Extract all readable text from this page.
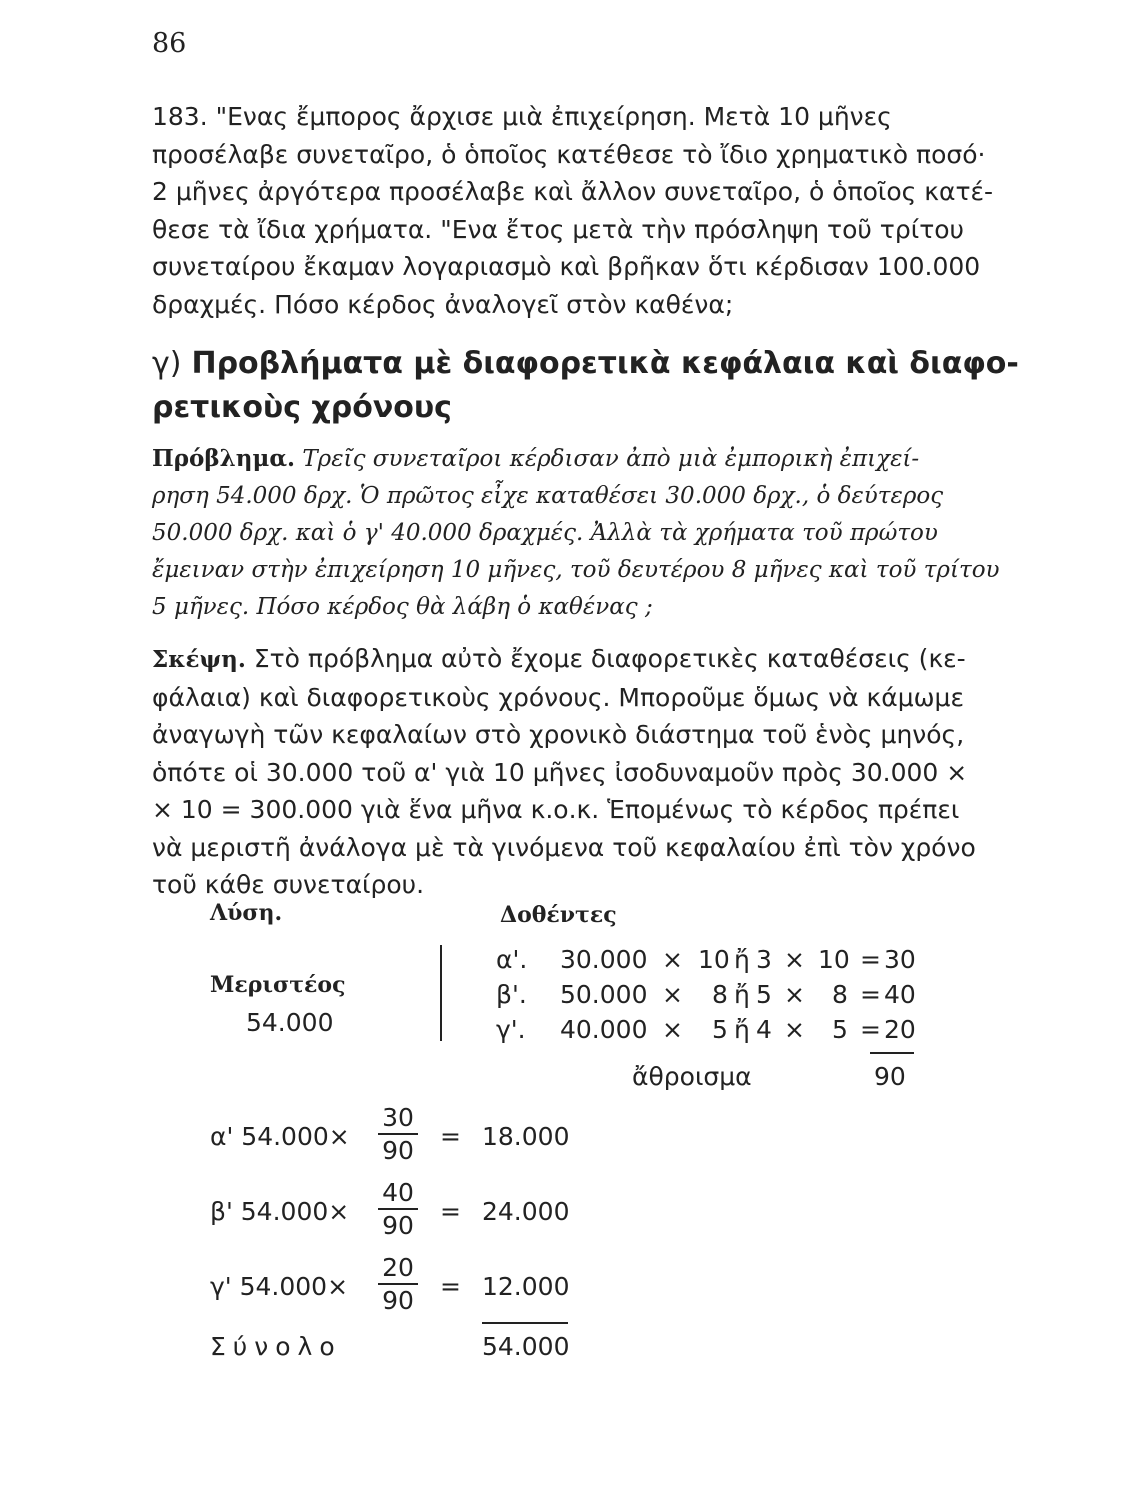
86
183. "Ενας ἔμπορος ἄρχισε μιὰ ἐπιχείρηση. Μετὰ 10 μῆνες
προσέλαβε συνεταῖρο, ὁ ὁποῖος κατέθεσε τὸ ἴδιο χρηματικὸ ποσό·
2 μῆνες ἀργότερα προσέλαβε καὶ ἄλλον συνεταῖρο, ὁ ὁποῖος κατέ-
θεσε τὰ ἴδια χρήματα. "Ενα ἔτος μετὰ τὴν πρόσληψη τοῦ τρίτου
συνεταίρου ἔκαμαν λογαριασμὸ καὶ βρῆκαν ὅτι κέρδισαν 100.000
δραχμές. Πόσο κέρδος ἀναλογεῖ στὸν καθένα;
γ) Προβλήματα μὲ διαφορετικὰ κεφάλαια καὶ διαφο-
ρετικοὺς χρόνους
Πρόβλημα. Τρεῖς συνεταῖροι κέρδισαν ἀπὸ μιὰ ἐμπορικὴ ἐπιχεί-
ρηση 54.000 δρχ. Ὁ πρῶτος εἶχε καταθέσει 30.000 δρχ., ὁ δεύτερος
50.000 δρχ. καὶ ὁ γ' 40.000 δραχμές. Ἀλλὰ τὰ χρήματα τοῦ πρώτου
ἔμειναν στὴν ἐπιχείρηση 10 μῆνες, τοῦ δευτέρου 8 μῆνες καὶ τοῦ τρίτου
5 μῆνες. Πόσο κέρδος θὰ λάβη ὁ καθένας ;
Σκέψη. Στὸ πρόβλημα αὐτὸ ἔχομε διαφορετικὲς καταθέσεις (κε-
φάλαια) καὶ διαφορετικοὺς χρόνους. Μποροῦμε ὅμως νὰ κάμωμε
ἀναγωγὴ τῶν κεφαλαίων στὸ χρονικὸ διάστημα τοῦ ἑνὸς μηνός,
ὁπότε οἱ 30.000 τοῦ α' γιὰ 10 μῆνες ἰσοδυναμοῦν πρὸς 30.000 ×
× 10 = 300.000 γιὰ ἕνα μῆνα κ.ο.κ. Ἑπομένως τὸ κέρδος πρέπει
νὰ μεριστῆ ἀνάλογα μὲ τὰ γινόμενα τοῦ κεφαλαίου ἐπὶ τὸν χρόνο
τοῦ κάθε συνεταίρου.
Λύση.	Δοθέντες
Μεριστέος
54.000
α'. 30.000 × 10 ἤ 3 × 10 = 30
β'. 50.000 × 8 ἤ 5 × 8 = 40
γ'. 40.000 × 5 ἤ 4 × 5 = 20
ἄθροισμα	90
α' $54.000\times \frac{30}{90} = 18.000$
β' $54.000\times \frac{40}{90} = 24.000$
γ' $54.000\times \frac{20}{90} = 12.000$
Σύνολο	54.000
